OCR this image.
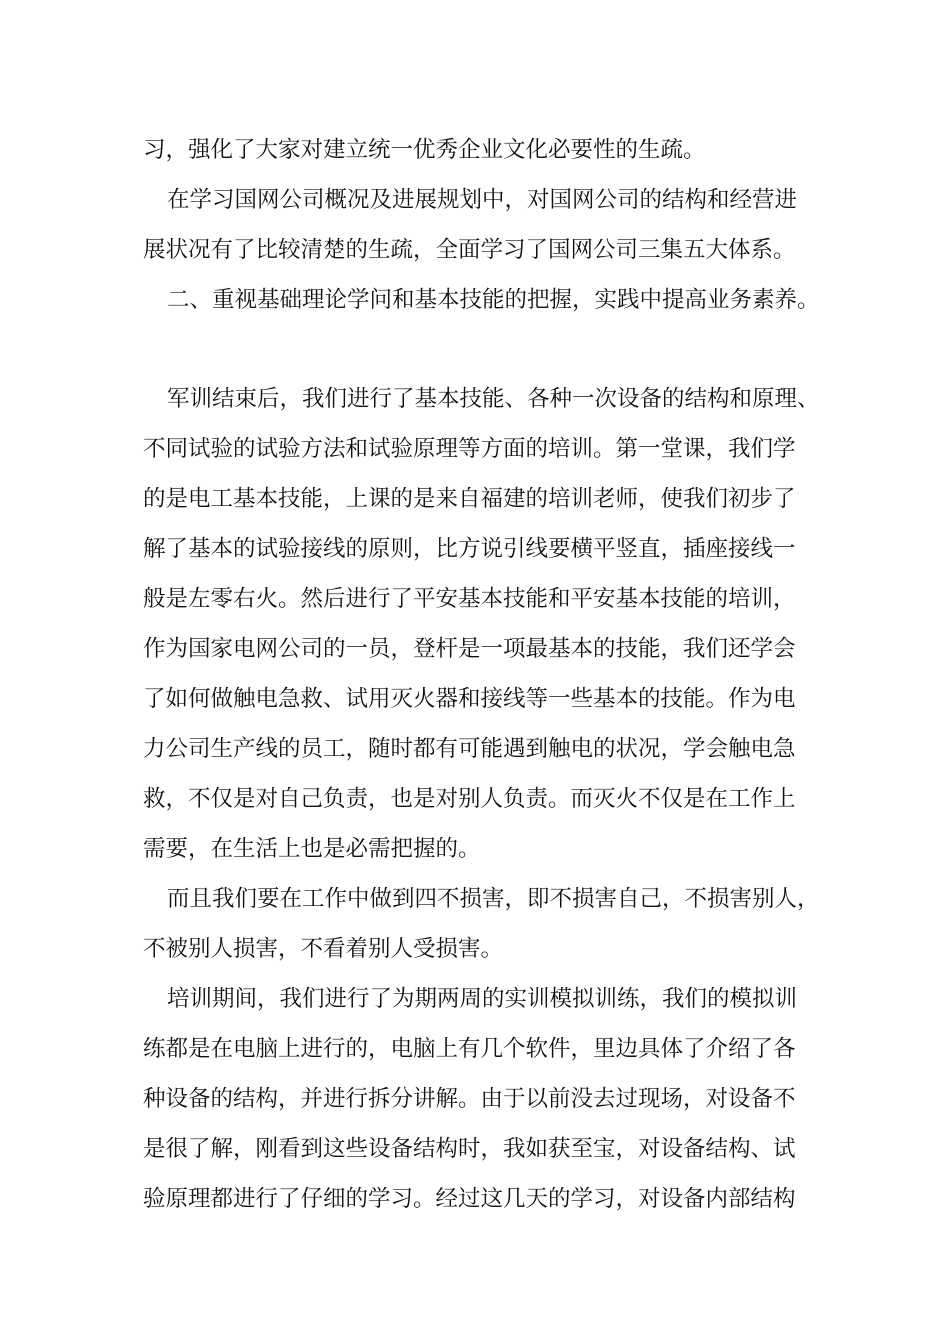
习，强化了大家对建立统一优秀企业文化必要性的生疏。
在学习国网公司概况及进展规划中，对国网公司的结构和经营进
展状况有了比较清楚的生疏，全面学习了国网公司三集五大体系。
二、重视基础理论学问和基本技能的把握，实践中提高业务素养。
军训结束后，我们进行了基本技能、各种一次设备的结构和原理、
不同试验的试验方法和试验原理等方面的培训。第一堂课，我们学
的是电工基本技能，上课的是来自福建的培训老师，使我们初步了
解了基本的试验接线的原则，比方说引线要横平竖直，插座接线一
般是左零右火。然后进行了平安基本技能和平安基本技能的培训，
作为国家电网公司的一员，登杆是一项最基本的技能，我们还学会
了如何做触电急救、试用灭火器和接线等一些基本的技能。作为电
力公司生产线的员工，随时都有可能遇到触电的状况，学会触电急
救，不仅是对自己负责，也是对别人负责。而灭火不仅是在工作上
需要，在生活上也是必需把握的。
而且我们要在工作中做到四不损害，即不损害自己，不损害别人，
不被别人损害，不看着别人受损害。
培训期间，我们进行了为期两周的实训模拟训练，我们的模拟训
练都是在电脑上进行的，电脑上有几个软件，里边具体了介绍了各
种设备的结构，并进行拆分讲解。由于以前没去过现场，对设备不
是很了解，刚看到这些设备结构时，我如获至宝，对设备结构、试
验原理都进行了仔细的学习。经过这几天的学习，对设备内部结构
